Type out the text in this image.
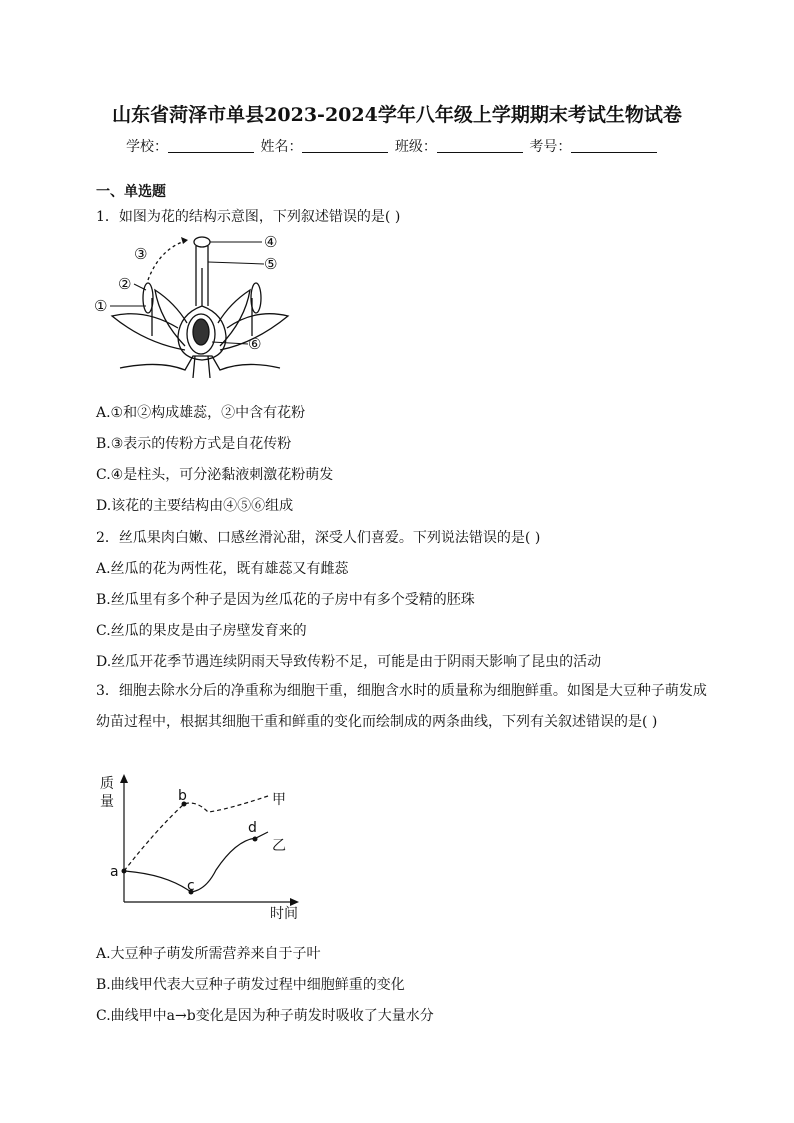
山东省菏泽市单县2023-2024学年八年级上学期期末考试生物试卷
学校：	姓名：	班级：	考号：
一、单选题
1．如图为花的结构示意图，下列叙述错误的是( )
④
⑤
③
②
①
⑥
A.①和②构成雄蕊，②中含有花粉
B.③表示的传粉方式是自花传粉
C.④是柱头，可分泌黏液刺激花粉萌发
D.该花的主要结构由④⑤⑥组成
2．丝瓜果肉白嫩、口感丝滑沁甜，深受人们喜爱。下列说法错误的是( )
A.丝瓜的花为两性花，既有雄蕊又有雌蕊
B.丝瓜里有多个种子是因为丝瓜花的子房中有多个受精的胚珠
C.丝瓜的果皮是由子房壁发育来的
D.丝瓜开花季节遇连续阴雨天导致传粉不足，可能是由于阴雨天影响了昆虫的活动
3．细胞去除水分后的净重称为细胞干重，细胞含水时的质量称为细胞鲜重。如图是大豆种子萌发成幼苗过程中，根据其细胞干重和鲜重的变化而绘制成的两条曲线，下列有关叙述错误的是( )
质
量
时间
a
b
c
d
甲
乙
A.大豆种子萌发所需营养来自于子叶
B.曲线甲代表大豆种子萌发过程中细胞鲜重的变化
C.曲线甲中a→b变化是因为种子萌发时吸收了大量水分
